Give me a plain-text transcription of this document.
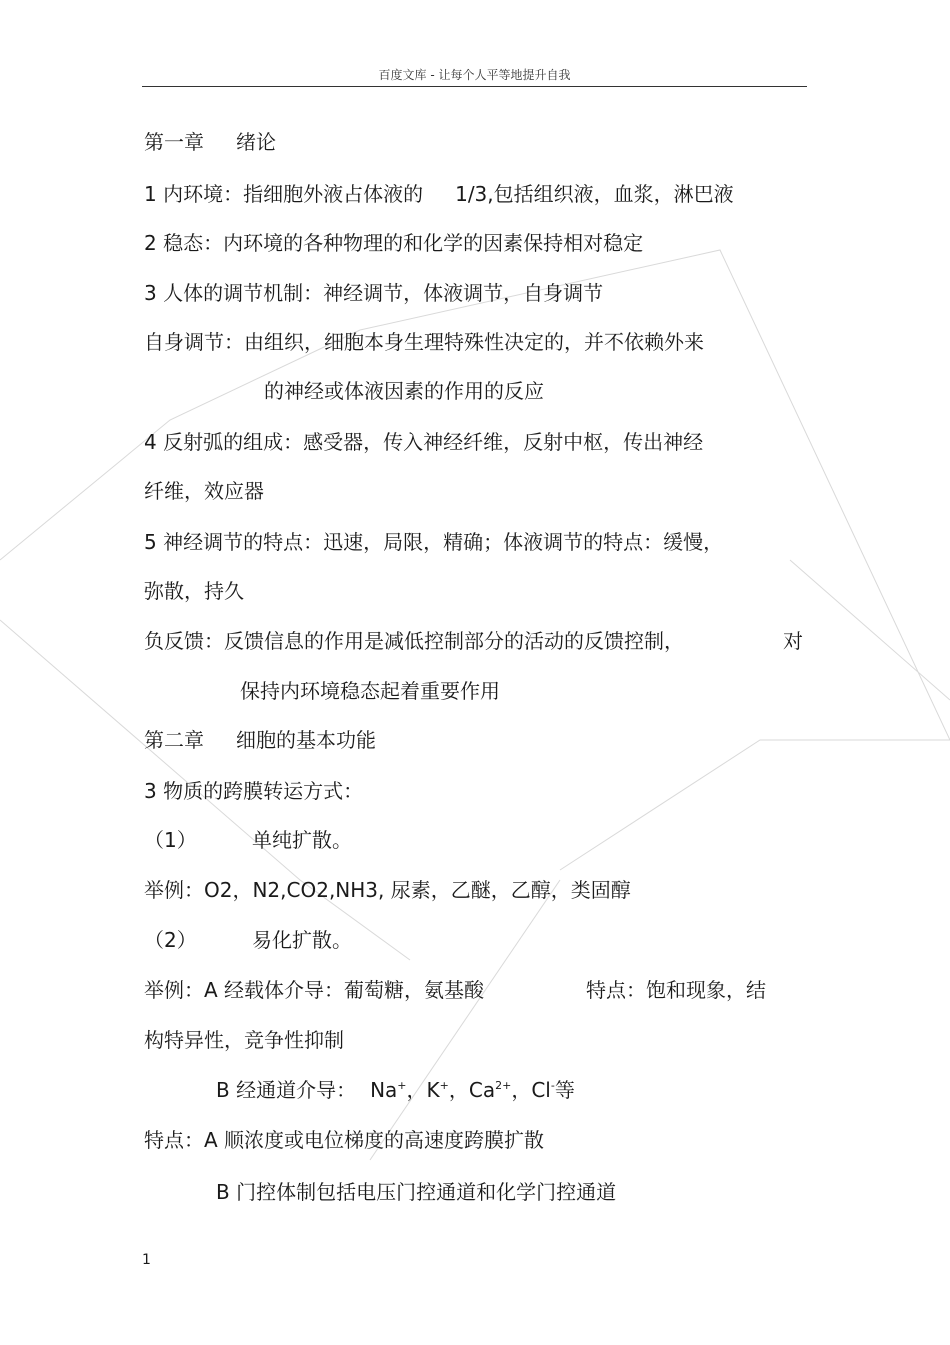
百度文库 - 让每个人平等地提升自我
第一章 绪论
1 内环境：指细胞外液占体液的 1/3,包括组织液，血浆，淋巴液
2 稳态：内环境的各种物理的和化学的因素保持相对稳定
3 人体的调节机制：神经调节，体液调节，自身调节
自身调节：由组织，细胞本身生理特殊性决定的，并不依赖外来
的神经或体液因素的作用的反应
4 反射弧的组成：感受器，传入神经纤维，反射中枢，传出神经
纤维，效应器
5 神经调节的特点：迅速，局限，精确；体液调节的特点：缓慢，
弥散，持久
负反馈：反馈信息的作用是减低控制部分的活动的反馈控制，	对
保持内环境稳态起着重要作用
第二章 细胞的基本功能
3 物质的跨膜转运方式：
（1）	单纯扩散。
举例：O2，N2,CO2,NH3, 尿素，乙醚，乙醇，类固醇
（2）	易化扩散。
举例：A 经载体介导：葡萄糖，氨基酸	特点：饱和现象，结
构特异性，竞争性抑制
B 经通道介导： Na+，K+，$Ca^{2+}$，Cl-等
特点：A 顺浓度或电位梯度的高速度跨膜扩散
B 门控体制包括电压门控通道和化学门控通道
1
